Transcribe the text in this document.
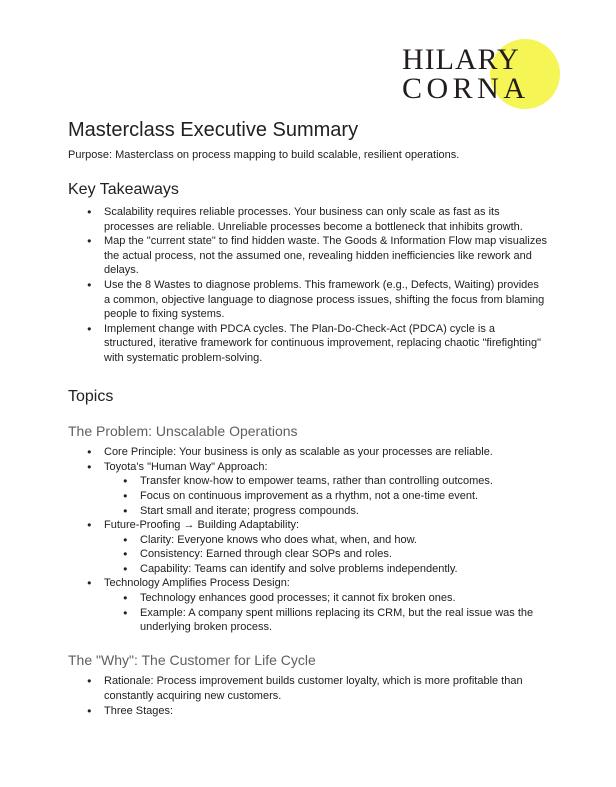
HILARY
CORNA
Masterclass Executive Summary

Purpose: Masterclass on process mapping to build scalable, resilient operations.

Key Takeaways
● Scalability requires reliable processes. Your business can only scale as fast as its processes are reliable. Unreliable processes become a bottleneck that inhibits growth.
● Map the "current state" to find hidden waste. The Goods & Information Flow map visualizes the actual process, not the assumed one, revealing hidden inefficiencies like rework and delays.
● Use the 8 Wastes to diagnose problems. This framework (e.g., Defects, Waiting) provides a common, objective language to diagnose process issues, shifting the focus from blaming people to fixing systems.
● Implement change with PDCA cycles. The Plan-Do-Check-Act (PDCA) cycle is a structured, iterative framework for continuous improvement, replacing chaotic "firefighting" with systematic problem-solving.
Topics
The Problem: Unscalable Operations
● Core Principle: Your business is only as scalable as your processes are reliable.
● Toyota's "Human Way" Approach:
● Transfer know-how to empower teams, rather than controlling outcomes.
● Focus on continuous improvement as a rhythm, not a one-time event.
● Start small and iterate; progress compounds.
● Future-Proofing → Building Adaptability:
● Clarity: Everyone knows who does what, when, and how.
● Consistency: Earned through clear SOPs and roles.
● Capability: Teams can identify and solve problems independently.
● Technology Amplifies Process Design:
● Technology enhances good processes; it cannot fix broken ones.
● Example: A company spent millions replacing its CRM, but the real issue was the underlying broken process.
The "Why": The Customer for Life Cycle
● Rationale: Process improvement builds customer loyalty, which is more profitable than constantly acquiring new customers.
● Three Stages:
